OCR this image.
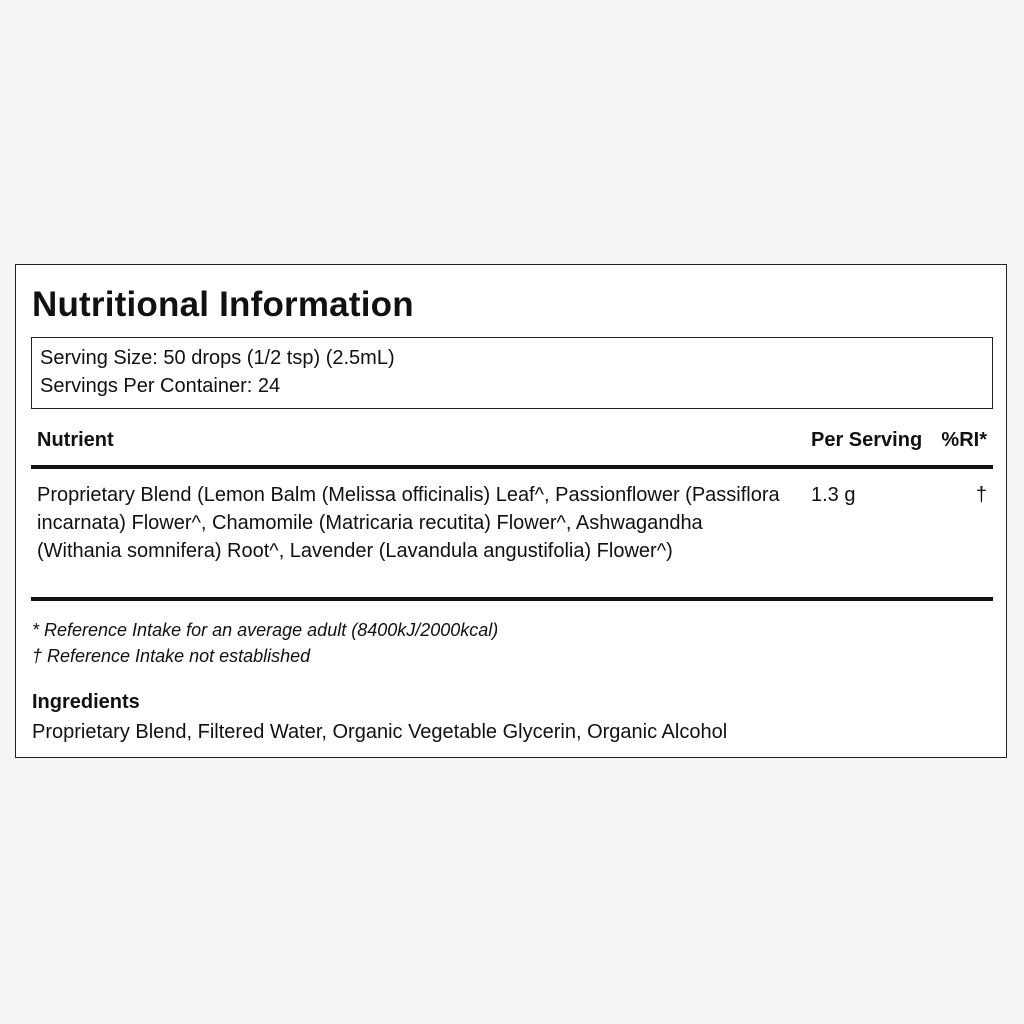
Nutritional Information
Serving Size: 50 drops (1/2 tsp) (2.5mL)
Servings Per Container: 24
Nutrient	Per Serving %RI*
Proprietary Blend (Lemon Balm (Melissa officinalis) Leaf^, Passionflower (Passiflora incarnata) Flower^, Chamomile (Matricaria recutita) Flower^, Ashwagandha (Withania somnifera) Root^, Lavender (Lavandula angustifolia) Flower^)
1.3 g	†
* Reference Intake for an average adult (8400kJ/2000kcal)
† Reference Intake not established
Ingredients
Proprietary Blend, Filtered Water, Organic Vegetable Glycerin, Organic Alcohol
